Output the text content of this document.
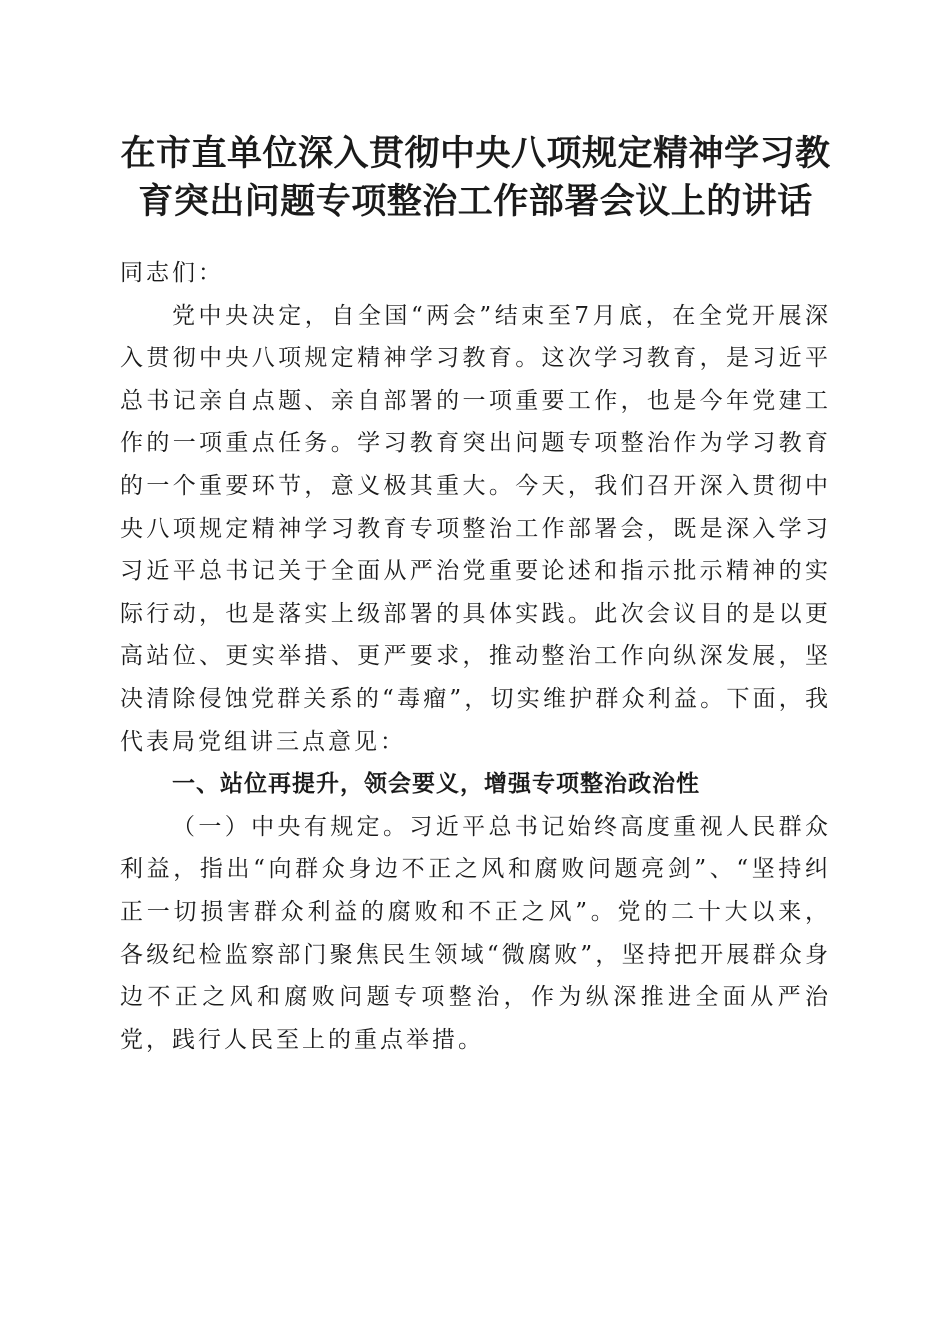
在市直单位深入贯彻中央八项规定精神学习教
育突出问题专项整治工作部署会议上的讲话

同志们：

党中央决定，自全国“两会”结束至7月底，在全党开展深入贯彻中央八项规定精神学习教育。这次学习教育，是习近平总书记亲自点题、亲自部署的一项重要工作，也是今年党建工作的一项重点任务。学习教育突出问题专项整治作为学习教育的一个重要环节，意义极其重大。今天，我们召开深入贯彻中央八项规定精神学习教育专项整治工作部署会，既是深入学习习近平总书记关于全面从严治党重要论述和指示批示精神的实际行动，也是落实上级部署的具体实践。此次会议目的是以更高站位、更实举措、更严要求，推动整治工作向纵深发展，坚决清除侵蚀党群关系的“毒瘤”，切实维护群众利益。下面，我代表局党组讲三点意见：

一、站位再提升，领会要义，增强专项整治政治性

（一）中央有规定。习近平总书记始终高度重视人民群众利益，指出“向群众身边不正之风和腐败问题亮剑”、“坚持纠正一切损害群众利益的腐败和不正之风”。党的二十大以来，各级纪检监察部门聚焦民生领域“微腐败”，坚持把开展群众身边不正之风和腐败问题专项整治，作为纵深推进全面从严治党，践行人民至上的重点举措。
